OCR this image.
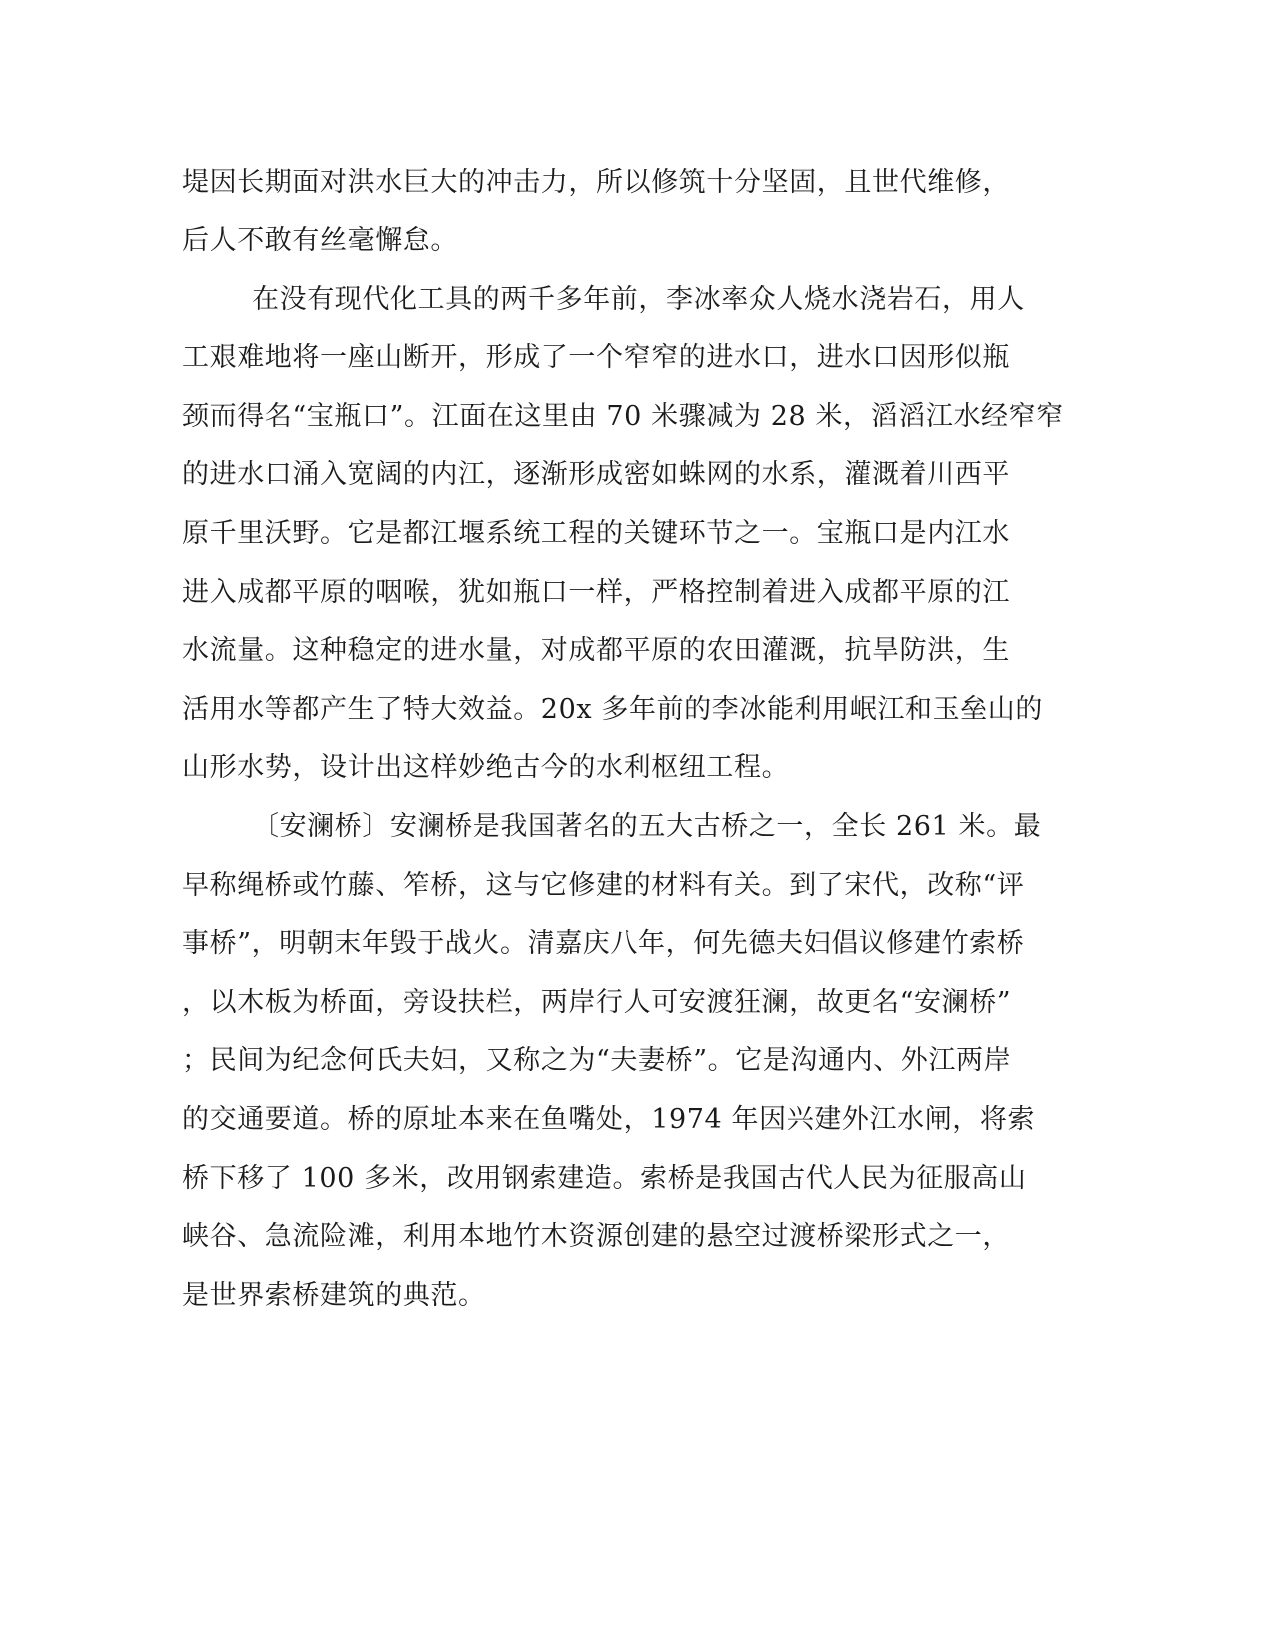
堤因长期面对洪水巨大的冲击力，所以修筑十分坚固，且世代维修，
后人不敢有丝毫懈怠。
在没有现代化工具的两千多年前，李冰率众人烧水浇岩石，用人
工艰难地将一座山断开，形成了一个窄窄的进水口，进水口因形似瓶
颈而得名“宝瓶口”。江面在这里由 70 米骤减为 28 米，滔滔江水经窄窄
的进水口涌入宽阔的内江，逐渐形成密如蛛网的水系，灌溉着川西平
原千里沃野。它是都江堰系统工程的关键环节之一。宝瓶口是内江水
进入成都平原的咽喉，犹如瓶口一样，严格控制着进入成都平原的江
水流量。这种稳定的进水量，对成都平原的农田灌溉，抗旱防洪，生
活用水等都产生了特大效益。20x 多年前的李冰能利用岷江和玉垒山的
山形水势，设计出这样妙绝古今的水利枢纽工程。
〔安澜桥〕安澜桥是我国著名的五大古桥之一，全长 261 米。最
早称绳桥或竹藤、笮桥，这与它修建的材料有关。到了宋代，改称“评
事桥”，明朝末年毁于战火。清嘉庆八年，何先德夫妇倡议修建竹索桥
，以木板为桥面，旁设扶栏，两岸行人可安渡狂澜，故更名“安澜桥”
；民间为纪念何氏夫妇，又称之为“夫妻桥”。它是沟通内、外江两岸
的交通要道。桥的原址本来在鱼嘴处，1974 年因兴建外江水闸，将索
桥下移了 100 多米，改用钢索建造。索桥是我国古代人民为征服高山
峡谷、急流险滩，利用本地竹木资源创建的悬空过渡桥梁形式之一，
是世界索桥建筑的典范。
